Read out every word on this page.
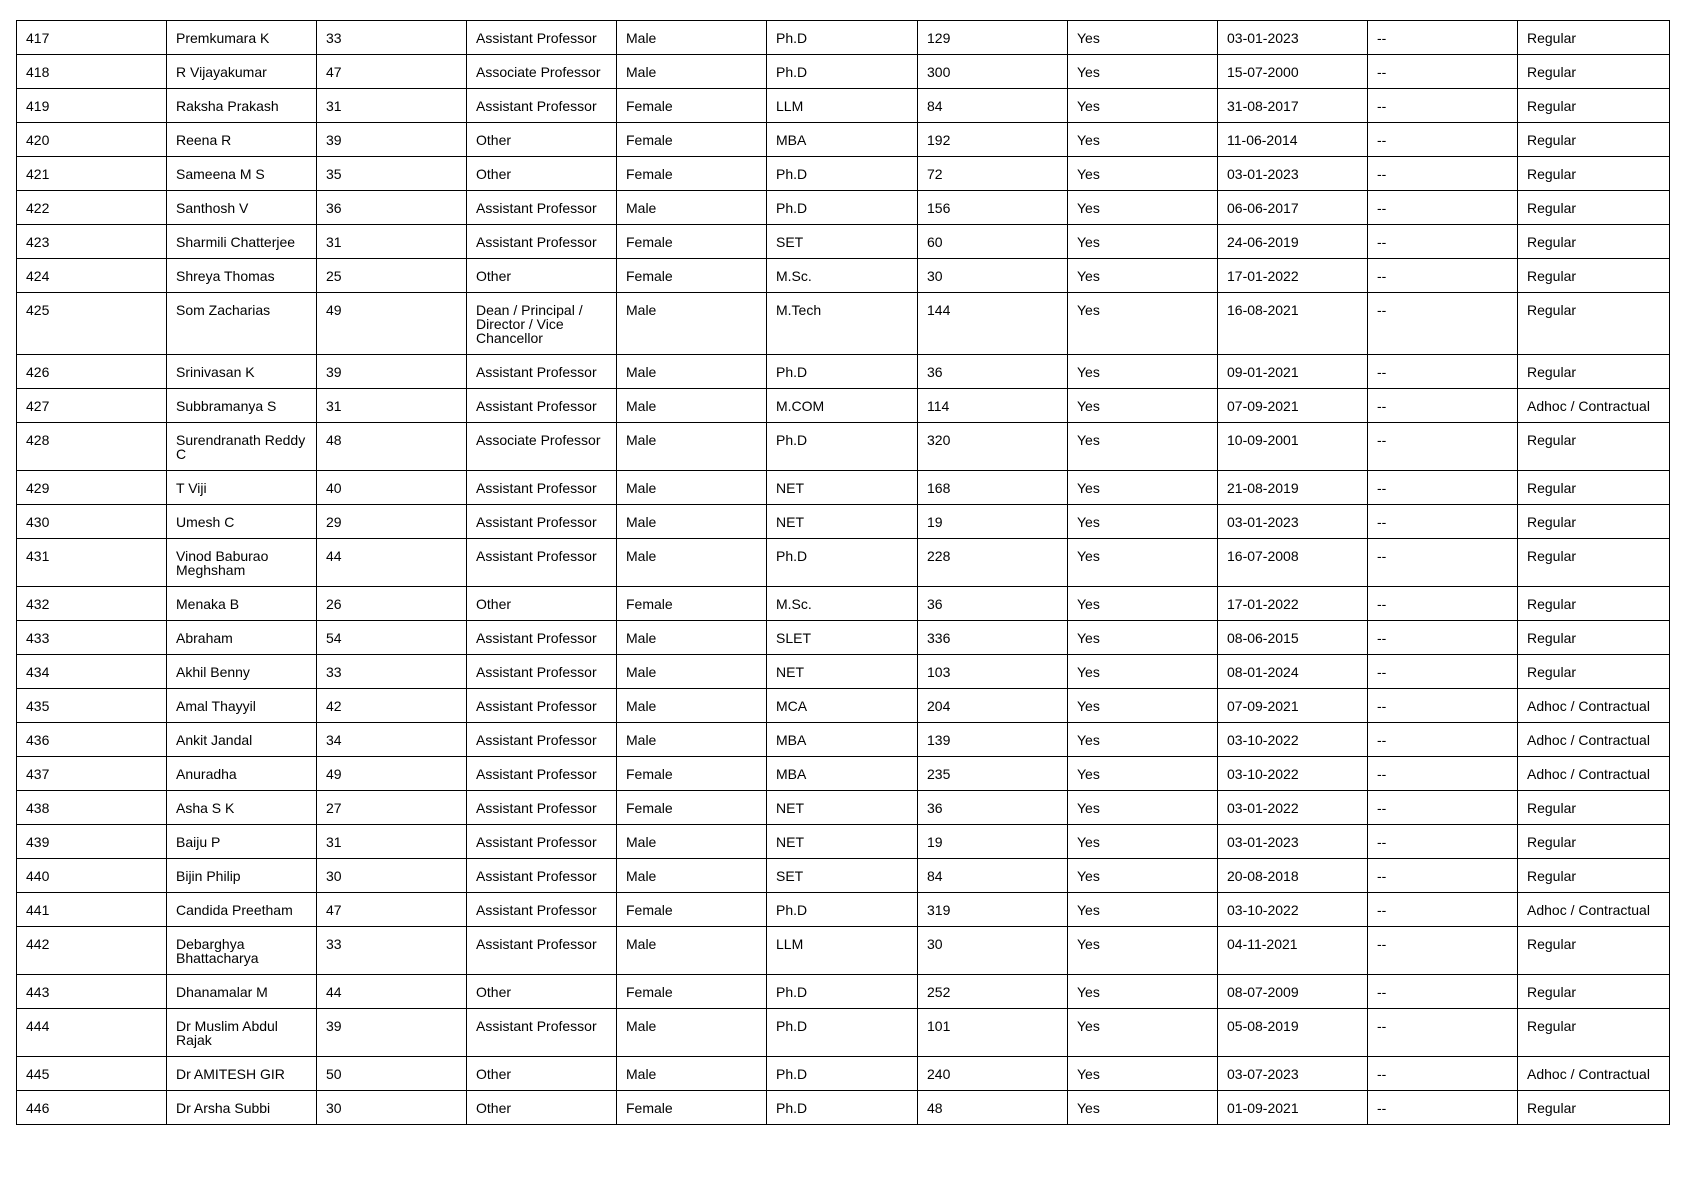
417	Premkumara K	33	Assistant Professor	Male	Ph.D	129	Yes	03-01-2023	--	Regular
418	R Vijayakumar	47	Associate Professor	Male	Ph.D	300	Yes	15-07-2000	--	Regular
419	Raksha Prakash	31	Assistant Professor	Female	LLM	84	Yes	31-08-2017	--	Regular
420	Reena R	39	Other	Female	MBA	192	Yes	11-06-2014	--	Regular
421	Sameena M S	35	Other	Female	Ph.D	72	Yes	03-01-2023	--	Regular
422	Santhosh V	36	Assistant Professor	Male	Ph.D	156	Yes	06-06-2017	--	Regular
423	Sharmili Chatterjee	31	Assistant Professor	Female	SET	60	Yes	24-06-2019	--	Regular
424	Shreya Thomas	25	Other	Female	M.Sc.	30	Yes	17-01-2022	--	Regular
425	Som Zacharias	49	Dean / Principal / Director / Vice Chancellor	Male	M.Tech	144	Yes	16-08-2021	--	Regular
426	Srinivasan K	39	Assistant Professor	Male	Ph.D	36	Yes	09-01-2021	--	Regular
427	Subbramanya S	31	Assistant Professor	Male	M.COM	114	Yes	07-09-2021	--	Adhoc / Contractual
428	Surendranath Reddy C	48	Associate Professor	Male	Ph.D	320	Yes	10-09-2001	--	Regular
429	T Viji	40	Assistant Professor	Male	NET	168	Yes	21-08-2019	--	Regular
430	Umesh C	29	Assistant Professor	Male	NET	19	Yes	03-01-2023	--	Regular
431	Vinod Baburao Meghsham	44	Assistant Professor	Male	Ph.D	228	Yes	16-07-2008	--	Regular
432	Menaka B	26	Other	Female	M.Sc.	36	Yes	17-01-2022	--	Regular
433	Abraham	54	Assistant Professor	Male	SLET	336	Yes	08-06-2015	--	Regular
434	Akhil Benny	33	Assistant Professor	Male	NET	103	Yes	08-01-2024	--	Regular
435	Amal Thayyil	42	Assistant Professor	Male	MCA	204	Yes	07-09-2021	--	Adhoc / Contractual
436	Ankit Jandal	34	Assistant Professor	Male	MBA	139	Yes	03-10-2022	--	Adhoc / Contractual
437	Anuradha	49	Assistant Professor	Female	MBA	235	Yes	03-10-2022	--	Adhoc / Contractual
438	Asha S K	27	Assistant Professor	Female	NET	36	Yes	03-01-2022	--	Regular
439	Baiju P	31	Assistant Professor	Male	NET	19	Yes	03-01-2023	--	Regular
440	Bijin Philip	30	Assistant Professor	Male	SET	84	Yes	20-08-2018	--	Regular
441	Candida Preetham	47	Assistant Professor	Female	Ph.D	319	Yes	03-10-2022	--	Adhoc / Contractual
442	Debarghya Bhattacharya	33	Assistant Professor	Male	LLM	30	Yes	04-11-2021	--	Regular
443	Dhanamalar M	44	Other	Female	Ph.D	252	Yes	08-07-2009	--	Regular
444	Dr Muslim Abdul Rajak	39	Assistant Professor	Male	Ph.D	101	Yes	05-08-2019	--	Regular
445	Dr AMITESH GIR	50	Other	Male	Ph.D	240	Yes	03-07-2023	--	Adhoc / Contractual
446	Dr Arsha Subbi	30	Other	Female	Ph.D	48	Yes	01-09-2021	--	Regular
